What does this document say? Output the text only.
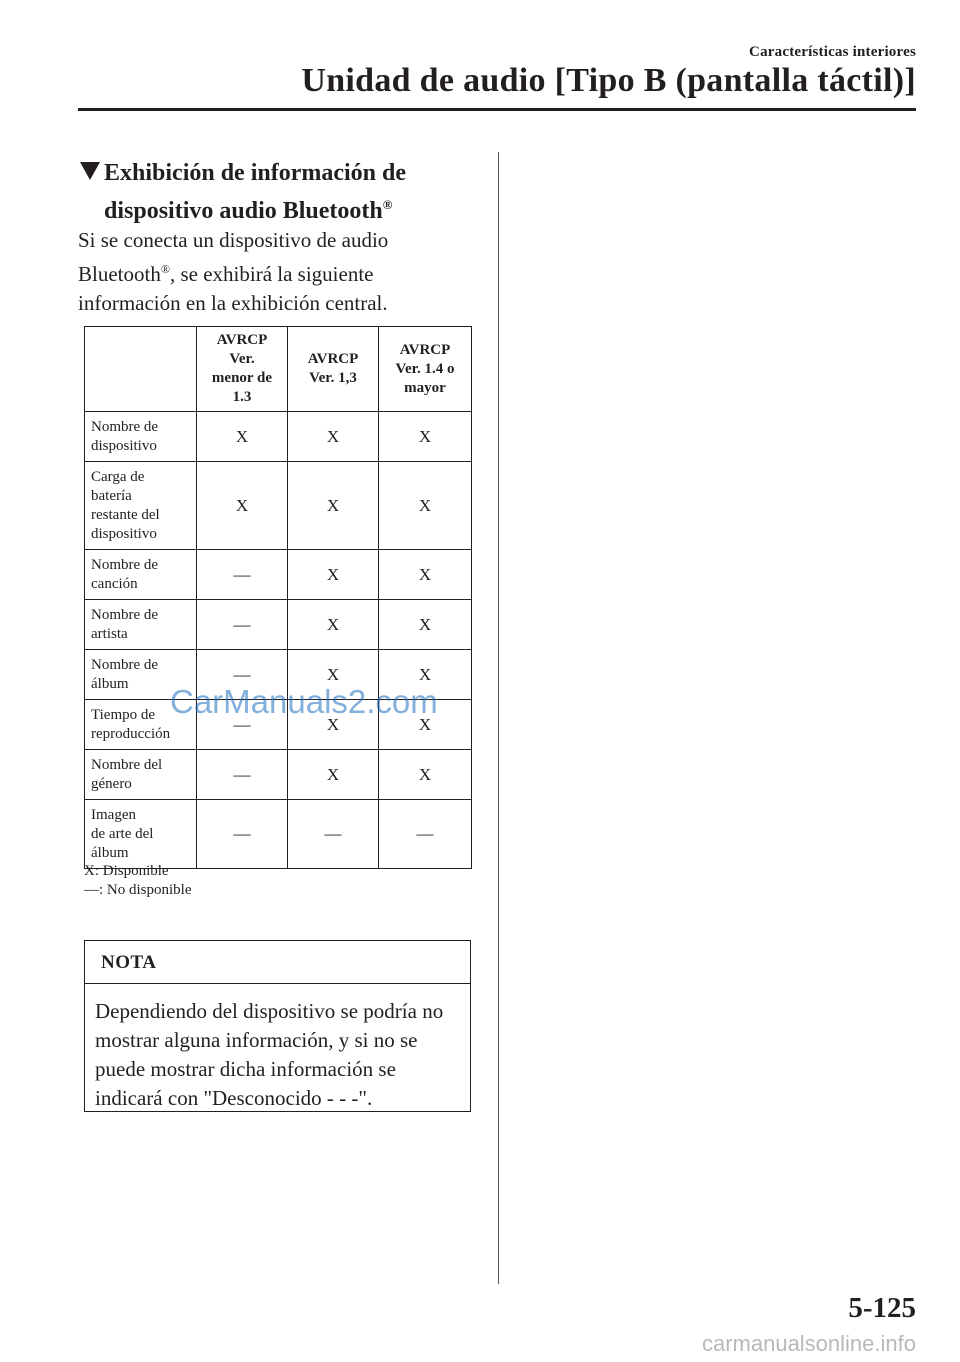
Características interiores
Unidad de audio [Tipo B (pantalla táctil)]
Exhibición de información de
dispositivo audio Bluetooth®
Si se conecta un dispositivo de audio Bluetooth®, se exhibirá la siguiente información en la exhibición central.
	AVRCP
Ver.
menor de
1.3	AVRCP
Ver. 1,3	AVRCP
Ver. 1.4 o
mayor
Nombre de
dispositivo	X	X	X
Carga de
batería
restante del
dispositivo	X	X	X
Nombre de
canción	—	X	X
Nombre de
artista	—	X	X
Nombre de
álbum	—	X	X
Tiempo de
reproducción	—	X	X
Nombre del
género	—	X	X
Imagen
de arte del
álbum	—	—	—
X: Disponible
—: No disponible
NOTA
Dependiendo del dispositivo se podría no mostrar alguna información, y si no se puede mostrar dicha información se indicará con "Desconocido - - -".
CarManuals2.com
5-125
carmanualsonline.info
